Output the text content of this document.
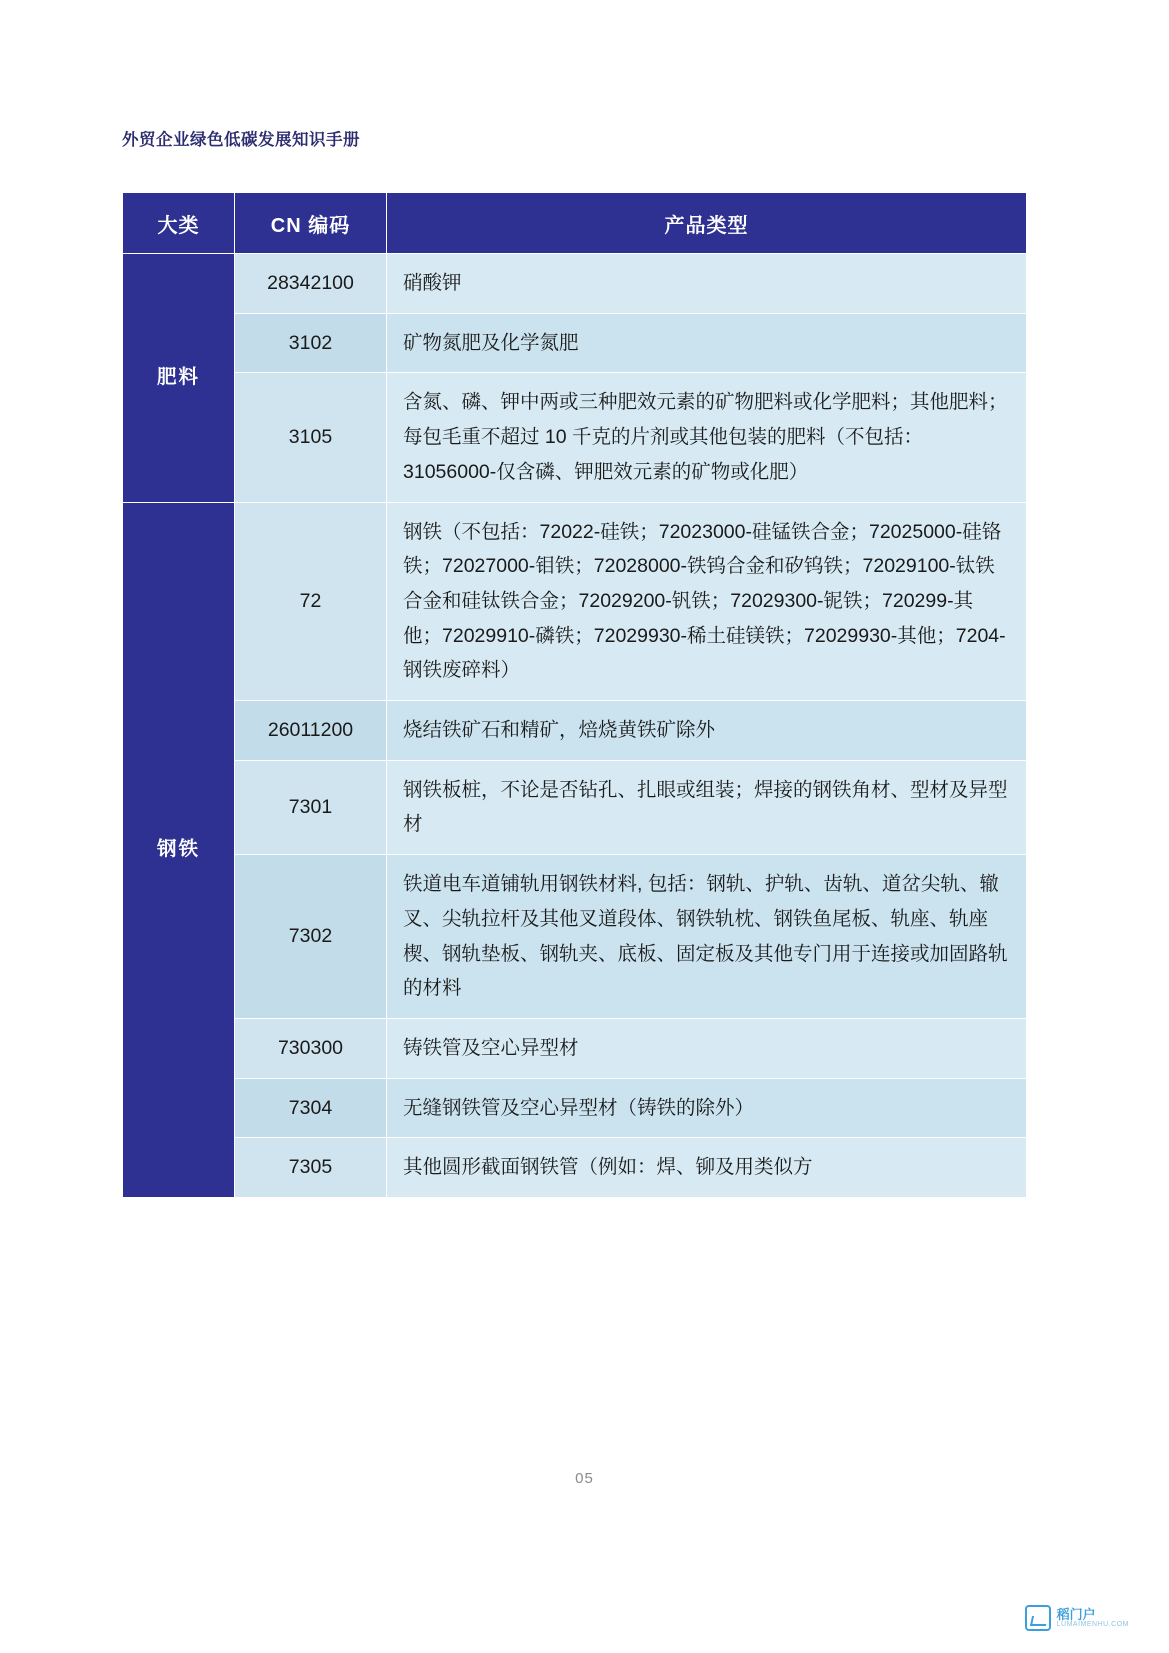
外贸企业绿色低碳发展知识手册
大类	CN 编码	产品类型
肥料	28342100	硝酸钾
	3102	矿物氮肥及化学氮肥
	3105	含氮、磷、钾中两或三种肥效元素的矿物肥料或化学肥料；其他肥料；每包毛重不超过 10 千克的片剂或其他包装的肥料（不包括：31056000-仅含磷、钾肥效元素的矿物或化肥）
钢铁	72	钢铁（不包括：72022-硅铁；72023000-硅锰铁合金；72025000-硅铬铁；72027000-钼铁；72028000-铁钨合金和矽钨铁；72029100-钛铁合金和硅钛铁合金；72029200-钒铁；72029300-铌铁；720299-其他；72029910-磷铁；72029930-稀土硅镁铁；72029930-其他；7204-钢铁废碎料）
	26011200	烧结铁矿石和精矿，焙烧黄铁矿除外
	7301	钢铁板桩，不论是否钻孔、扎眼或组装；焊接的钢铁角材、型材及异型材
	7302	铁道电车道铺轨用钢铁材料, 包括：钢轨、护轨、齿轨、道岔尖轨、辙叉、尖轨拉杆及其他叉道段体、钢铁轨枕、钢铁鱼尾板、轨座、轨座楔、钢轨垫板、钢轨夹、底板、固定板及其他专门用于连接或加固路轨的材料
	730300	铸铁管及空心异型材
	7304	无缝钢铁管及空心异型材（铸铁的除外）
	7305	其他圆形截面钢铁管（例如：焊、铆及用类似方
05
稻门户
LUMAIMENHU.COM
